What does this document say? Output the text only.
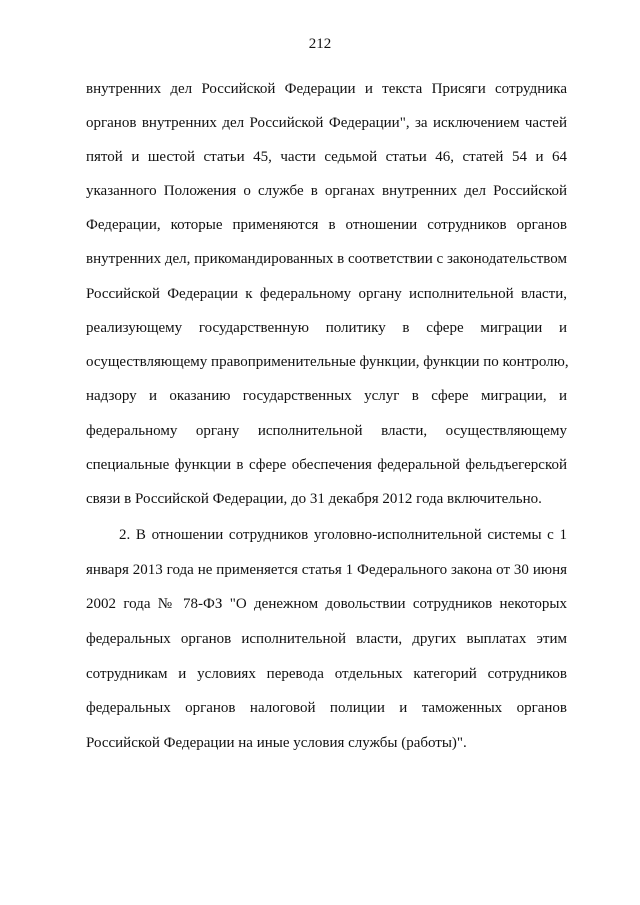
212
внутренних дел Российской Федерации и текста Присяги сотрудника
органов внутренних дел Российской Федерации", за исключением частей
пятой и шестой статьи 45, части седьмой статьи 46, статей 54 и 64
указанного Положения о службе в органах внутренних дел Российской
Федерации, которые применяются в отношении сотрудников органов
внутренних дел, прикомандированных в соответствии с законодательством
Российской Федерации к федеральному органу исполнительной власти,
реализующему государственную политику в сфере миграции и
осуществляющему правоприменительные функции, функции по контролю,
надзору и оказанию государственных услуг в сфере миграции, и
федеральному органу исполнительной власти, осуществляющему
специальные функции в сфере обеспечения федеральной фельдъегерской
связи в Российской Федерации, до 31 декабря 2012 года включительно.
2. В отношении сотрудников уголовно-исполнительной системы с 1
января 2013 года не применяется статья 1 Федерального закона от 30 июня
2002 года № 78-ФЗ "О денежном довольствии сотрудников некоторых
федеральных органов исполнительной власти, других выплатах этим
сотрудникам и условиях перевода отдельных категорий сотрудников
федеральных органов налоговой полиции и таможенных органов
Российской Федерации на иные условия службы (работы)".
